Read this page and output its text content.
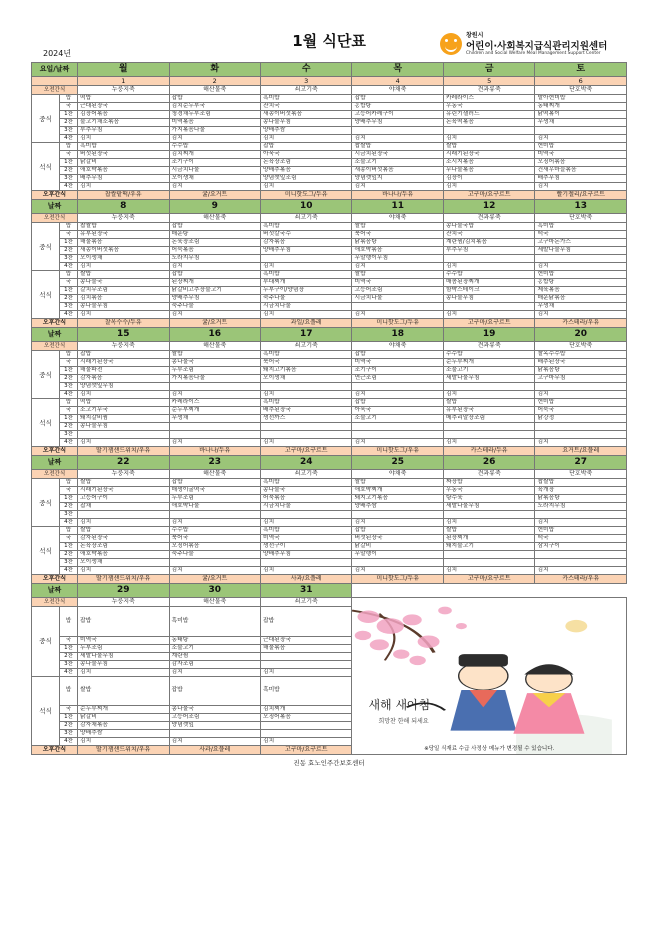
2024년
1월 식단표	창원시
어린이·사회복지급식관리지원센터
Children and Social Welfare Meal Management Support Center
요일/날짜		월	화	수	목	금	토
		1	2	3	4	5	6
오전간식		누룽지죽	해산물죽	쇠고기죽	야채죽	견과류죽	단호박죽
중식	밥	떡밥	잡밥	흑미밥	잡밥	카레라이스	발아현미밥
	국	근대된장국	김치순두부국	잔치국	홍합탕	우동국	동태찌개
	1찬	김장어볶음	청경채두부조림	새송이버섯볶음	고등어카레구이	유린기샐러드	닭떡볶이
	2찬	불고기채소볶음	미역볶음	콩나물무침	양배추무침	돈육떡볶음	무생채
	3찬	부추무침	가지볶음나물	양배추쌈			
	4찬	김치	김치	김치	김치	김치	김치
석식	밥	흑미밥	수수밥	잡밥	찹쌀밥	쌀밥	현미밥
	국	버섯된장국	김치찌개	아욱국	시금치된장국	시래기된장국	미역국
	1찬	닭갈비	조기구이	돈육장조림	소불고기	소시지볶음	오징어볶음
	2찬	애호박볶음	시금치나물	양배추볶음	새송이버섯볶음	무나물볶음	건새우마늘볶음
	3찬	배추무침	오이생채	양념깻잎조림	양념깻잎지	김장이	배추무침
	4찬	김치	김치	김치	김치	김치	김치
오후간식		찹쌀팥떡/우유	귤/요거트	미니핫도그/두유	바나나/두유	고구마/요구르트	빨기젤리/요구르트
날짜		8	9	10	11	12	13
오전간식		누룽지죽	해산물죽	쇠고기죽	야채죽	견과류죽	단호박죽
중식	밥	찹쌀밥	잡밥	흑미밥	쌀밥	콩나물국밥	흑미밥
	국	유부된장국	매운탕	버섯칼국수	북어국	잔치국	떡국
	1찬	해물볶음	돈육장조림	감자볶음	닭볶음탕	계란찜/김치볶음	고구마돈가스
	2찬	새송이버섯볶음	어묵볶음	양배추무침	애호박볶음	부추무침	세발나물무침
	3찬	오이생채	도라지무침		무말랭이무침		
	4찬	김치	김치	김치	김치	김치	김치
석식	밥	쌀밥	잡밥	흑미밥	쌀밥	수수밥	현미밥
	국	콩나물국	된장찌개	부대찌개	미역국	매콤된장찌개	홍합탕
	1찬	갈치무조림	닭갈비고추장불고기	두부구이/양념장	고등어조림	함박스테이크	제육볶음
	2찬	김치볶음	양배추무침	숙주나물	시금치나물	콩나물무침	매운닭볶음
	3찬	콩나물무침	숙주나물	시금치나물			무생채
	4찬	김치	김치	김치	김치	김치	김치
오후간식		찰옥수수/두유	귤/요거트	과일/요플레	미니핫도그/두유	고구마/요구르트	카스테라/우유
날짜		15	16	17	18	19	20
오전간식		누룽지죽	해산물죽	쇠고기죽	야채죽	견과류죽	단호박죽
중식	밥	잡밥	쌀밥	흑미밥	잡밥	수수밥	찰옥수수밥
	국	시래기된장국	콩나물국	북어국	미역국	순두부찌개	배추된장국
	1찬	해물파전	두부조림	돼지고기볶음	조기구이	소불고기	닭볶음탕
	2찬	감자볶음	가지볶음나물	오이생채	연근조림	세발나물무침	고구마무침
	3찬	양념깻잎무침					
	4찬	김치	김치	김치	김치	김치	김치
석식	밥	떡밥	카레라이스	흑미밥	잡밥	쌀밥	현미밥
	국	소고기무국	순두부찌개	배추된장국	아욱국	유부된장국	어묵국
	1찬	돼지갈비찜	무생채	생선까스	소불고기	메추리알장조림	닭강정
	2찬	콩나물무침					
	3찬						
	4찬	김치	김치	김치	김치	김치	김치
오후간식		딸기잼샌드위치/우유	바나나/두유	고구마/요구르트	미니핫도그/우유	카스테라/두유	요거트/요플레
날짜		22	23	24	25	26	27
오전간식		누룽지죽	해산물죽	쇠고기죽	야채죽	견과류죽	단호박죽
중식	밥	쌀밥	잡밥	흑미밥	쌀밥	짜장밥	찹쌀밥
	국	시래기된장국	매생이굴떡국	콩나물국	애호박찌개	우동국	육개장
	1찬	고등어구이	두부조림	어묵볶음	돼지고기볶음	탕수육	닭볶음탕
	2찬	잡채	애호박나물	시금치나물	양배추쌈	세발나물무침	도라지무침
	3찬						
	4찬	김치	김치	김치	김치	김치	김치
석식	밥	쌀밥	수수밥	흑미밥	잡밥	쌀밥	현미밥
	국	감자된장국	북어국	미역국	버섯된장국	된장찌개	떡국
	1찬	돈육장조림	오징어볶음	생선구이	닭갈비	돼지불고기	삼치구이
	2찬	애호박볶음	숙주나물	양배추무침	무말랭이		
	3찬	오이생채					
	4찬	김치	김치	김치	김치	김치	김치
오후간식		딸기잼샌드위치/우유	귤/요거트	사과/요플레	미니핫도그/두유	고구마/요구르트	카스테라/우유
날짜		29	30	31			
오전간식		누룽지죽	해산물죽	쇠고기죽	새해 새아침
희망찬 한해 되세요
※당일 식재료 수급 사정상 메뉴가 변경될 수 있습니다.		

중식	밥	잡밥	흑미밥	잡밥			
	국	미역국	동태탕	근대된장국			
	1찬	두부조림	소불고기	해물볶음			
	2찬	세발나물무침	계란찜				
	3찬	콩나물무침	감자조림				
	4찬	김치	김치	김치			
석식	밥	쌀밥	잡밥	흑미밥			
	국	순두부찌개	콩나물국	김치찌개			
	1찬	닭갈비	고등어조림	오징어볶음			
	2찬	감자채볶음	양념깻잎				
	3찬	양배추쌈					
	4찬	김치	김치	김치			
오후간식		딸기잼샌드위치/우유	사과/요플레	고구마/요구르트			
진동 효노인주간보호센터
